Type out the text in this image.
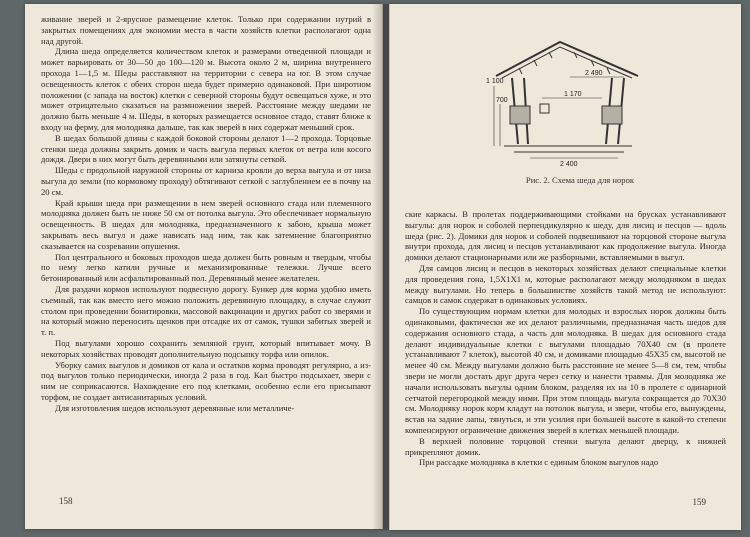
живание зверей и 2-ярусное размещение клеток. Только при содержании нутрий в закрытых помещениях для экономии места в части хозяйств клетки располагают одна над другой.

Длина шеда определяется количеством клеток и размерами отведенной площади и может варьировать от 30—50 до 100—120 м. Высота около 2 м, ширина внутреннего прохода 1—1,5 м. Шеды расставляют на территории с севера на юг. В этом случае освещенность клеток с обеих сторон шеда будет примерно одинаковой. При широтном положении (с запада на восток) клетки с северной стороны будут освещаться хуже, и это может отрицательно сказаться на размножении зверей. Расстояние между шедами не должно быть меньше 4 м. Шеды, в которых размещается основное стадо, ставят ближе к входу на ферму, для молодняка дальше, так как зверей в них содержат меньший срок.

В шедах большой длины с каждой боковой стороны делают 1—2 прохода. Торцовые стенки шеда должны закрыть домик и часть выгула первых клеток от ветра или косого дождя. Двери в них могут быть деревянными или затянуты сеткой.

Шеды с продольной наружной стороны от карниза кровли до верха выгула и от низа выгула до земли (по кормовому проходу) обтягивают сеткой с заглублением ее в почву на 20 см.

Край крыши шеда при размещении в нем зверей основного стада или племенного молодняка должен быть не ниже 50 см от потолка выгула. Это обеспечивает нормальную освещенность. В шедах для молодняка, предназначенного к забою, крыша может закрывать весь выгул и даже нависать над ним, так как затемнение благоприятно сказывается на созревании опушения.

Пол центрального и боковых проходов шеда должен быть ровным и твердым, чтобы по нему легко катили ручные и механизированные тележки. Лучше всего бетонированный или асфальтированный пол. Деревянный менее желателен.

Для раздачи кормов используют подвесную дорогу. Бункер для корма удобно иметь съемный, так как вместо него можно положить деревянную площадку, в случае служит столом при проведении бонитировки, массовой вакцинации и других работ со зверями и на который можно переносить щенков при отсадке их от самок, тушки забитых зверей и т. п.

Под выгулами хорошо сохранить земляной грунт, который впитывает мочу. В некоторых хозяйствах проводят дополнительную подсыпку торфа или опилок.

Уборку самих выгулов и домиков от кала и остатков корма проводят регулярно, а из-под выгулов только периодически, иногда 2 раза в год. Кал быстро подсыхает, звери с ним не соприкасаются. Нахождение его под клетками, особенно если его присыпают торфом, не создает антисанитарных условий.

Для изготовления шедов используют деревянные или металличе-

158
2 490
1 170
1 100
700
2 400
Рис. 2. Схема шеда для норок

ские каркасы. В пролетах поддерживающими стойками на брусках устанавливают выгулы: для норок и соболей перпендикулярно к шеду, для лисиц и песцов — вдоль шеда (рис. 2). Домики для норок и соболей подвешивают на торцовой стороне выгула внутри прохода, для лисиц и песцов устанавливают как продолжение выгула. Иногда домики делают стационарными или же разборными, вставляемыми в выгул.

Для самцов лисиц и песцов в некоторых хозяйствах делают специальные клетки для проведения гона, 1,5Х1Х1 м, которые располагают между молодняком в шедах между выгулами. Но теперь в большинстве хозяйств такой метод не используют: самцов и самок содержат в одинаковых условиях.

По существующим нормам клетки для молодых и взрослых норок должны быть одинаковыми, фактически же их делают различными, предназначая часть шедов для содержания основного стада, а часть для молодняка. В шедах для основного стада делают индивидуальные клетки с выгулами площадью 70Х40 см (в пролете устанавливают 7 клеток), высотой 40 см, и домиками площадью 45Х35 см, высотой не менее 40 см. Между выгулами должно быть расстояние не менее 5—8 см, тем, чтобы звери не могли достать друг друга через сетку и нанести травмы. Для молодняка же начали использовать выгулы одним блоком, разделяя их на 10 в пролете с одинарной сетчатой перегородкой между ними. При этом площадь выгула сокращается до 70Х30 см. Молодняку норок корм кладут на потолок выгула, и звери, чтобы его, вынуждены, встав на задние лапы, тянуться, и эти усилия при большей высоте в какой-то степени компенсируют ограничение движения зверей в клетках меньшей площади.

В верхней половине торцовой стенки выгула делают дверцу, к нижней прикрепляют домик.

При рассадке молодняка в клетки с единым блоком выгулов надо

159
